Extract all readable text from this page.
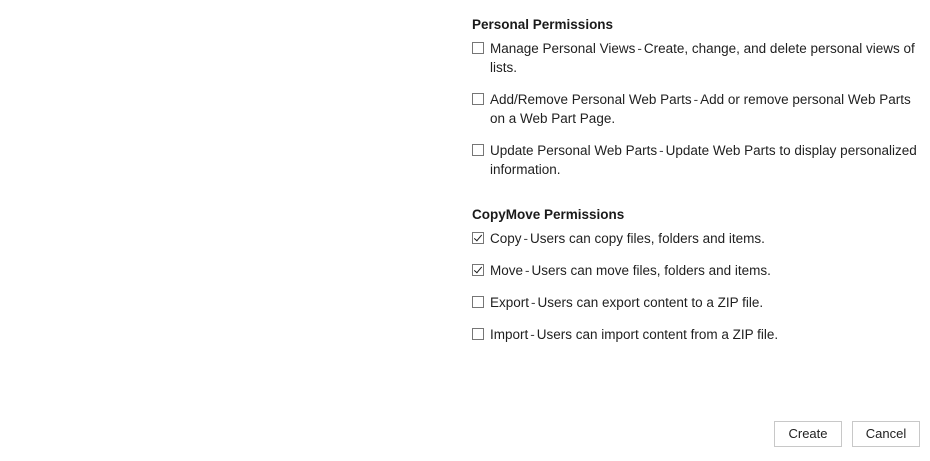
Personal Permissions
Manage Personal Views - Create, change, and delete personal views of lists.
Add/Remove Personal Web Parts - Add or remove personal Web Parts on a Web Part Page.
Update Personal Web Parts - Update Web Parts to display personalized information.
CopyMove Permissions
Copy - Users can copy files, folders and items.
Move - Users can move files, folders and items.
Export - Users can export content to a ZIP file.
Import - Users can import content from a ZIP file.
Create	Cancel
